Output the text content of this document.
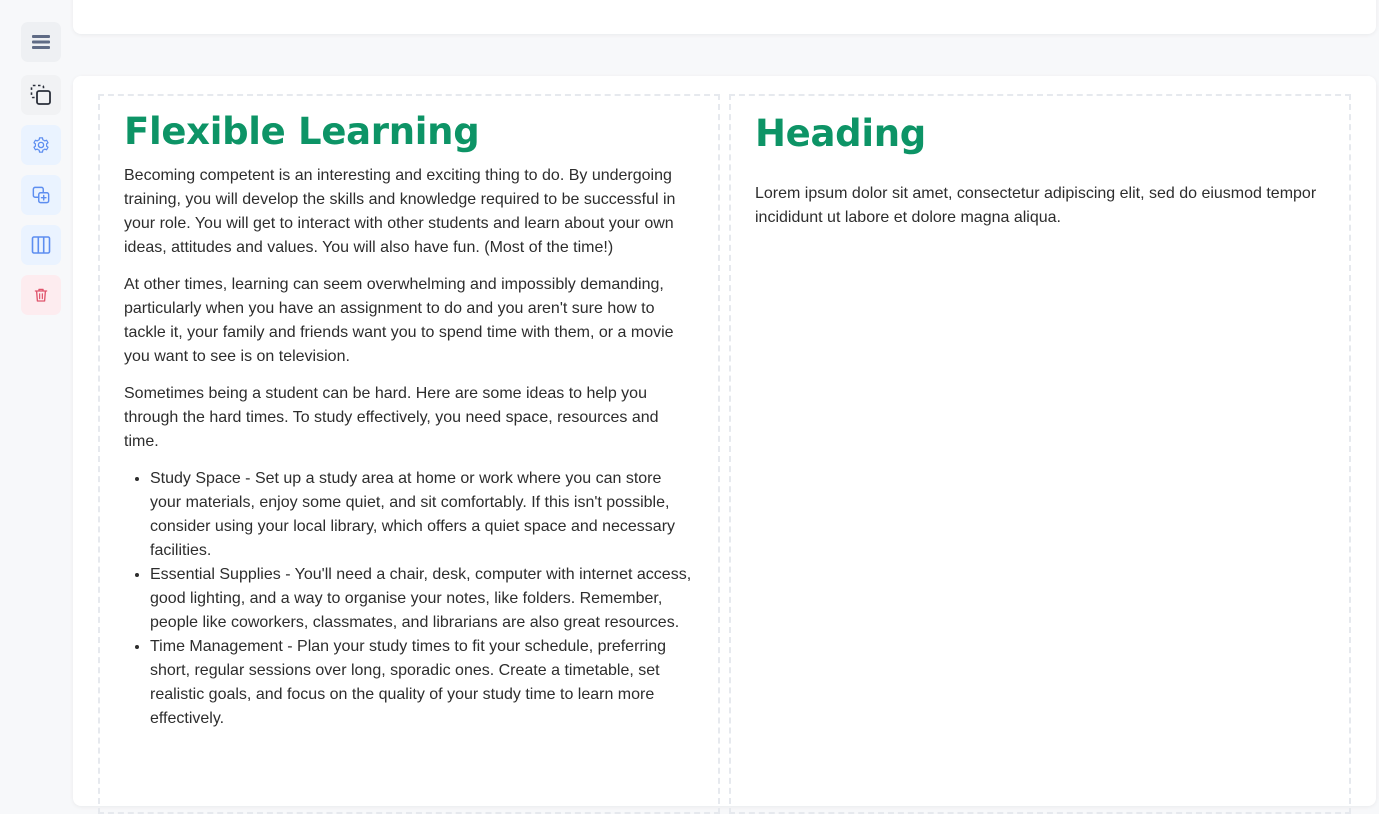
Flexible Learning

Becoming competent is an interesting and exciting thing to do. By undergoing training, you will develop the skills and knowledge required to be successful in your role. You will get to interact with other students and learn about your own ideas, attitudes and values. You will also have fun. (Most of the time!)

At other times, learning can seem overwhelming and impossibly demanding, particularly when you have an assignment to do and you aren't sure how to tackle it, your family and friends want you to spend time with them, or a movie you want to see is on television.

Sometimes being a student can be hard. Here are some ideas to help you through the hard times. To study effectively, you need space, resources and time.

• Study Space - Set up a study area at home or work where you can store your materials, enjoy some quiet, and sit comfortably. If this isn't possible, consider using your local library, which offers a quiet space and necessary facilities.
• Essential Supplies - You'll need a chair, desk, computer with internet access, good lighting, and a way to organise your notes, like folders. Remember, people like coworkers, classmates, and librarians are also great resources.
• Time Management - Plan your study times to fit your schedule, preferring short, regular sessions over long, sporadic ones. Create a timetable, set realistic goals, and focus on the quality of your study time to learn more effectively.
Heading

Lorem ipsum dolor sit amet, consectetur adipiscing elit, sed do eiusmod tempor incididunt ut labore et dolore magna aliqua.
